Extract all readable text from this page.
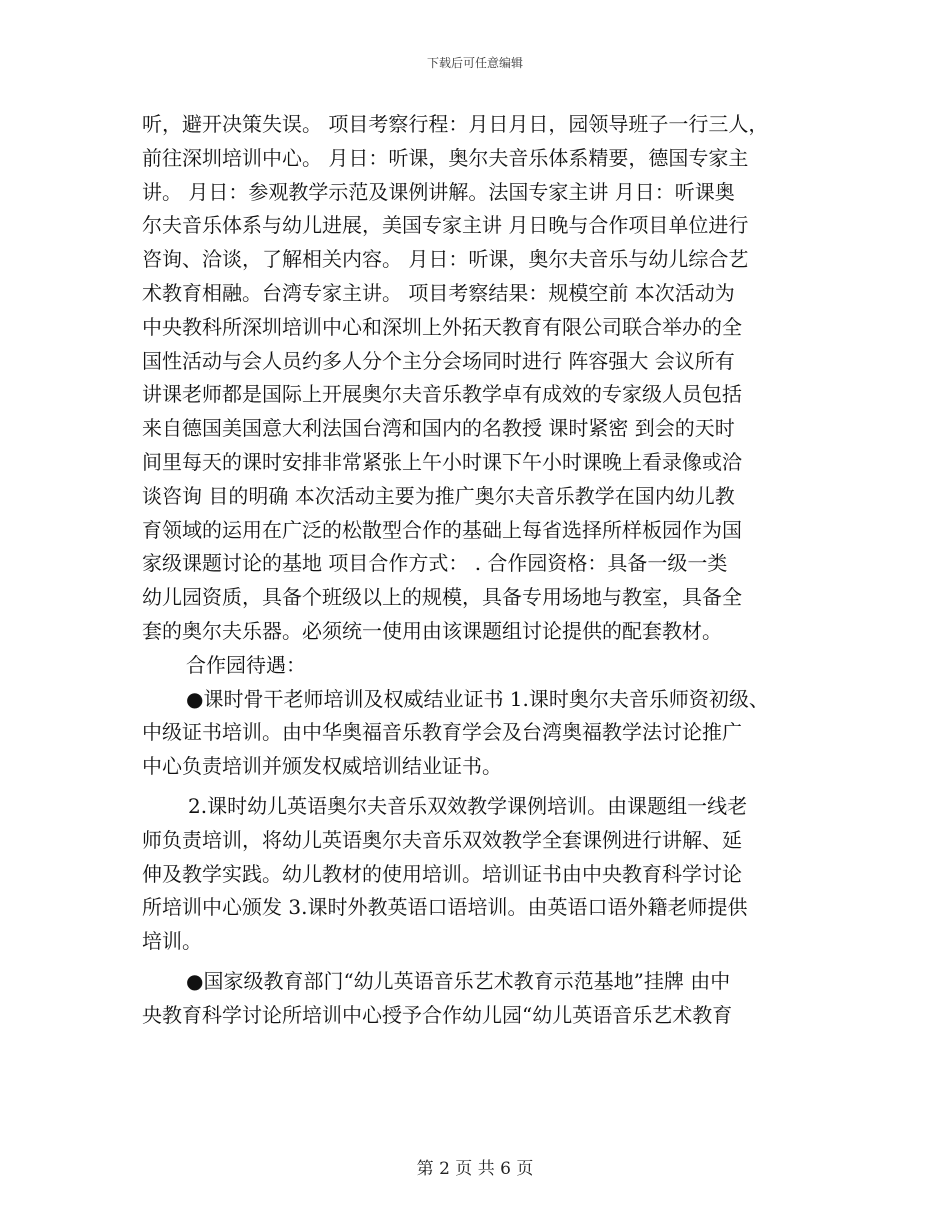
下载后可任意编辑
听，避开决策失误。 项目考察行程：月日月日，园领导班子一行三人，
前往深圳培训中心。 月日：听课，奥尔夫音乐体系精要，德国专家主
讲。 月日：参观教学示范及课例讲解。法国专家主讲 月日：听课奥
尔夫音乐体系与幼儿进展，美国专家主讲 月日晚与合作项目单位进行
咨询、洽谈，了解相关内容。 月日：听课，奥尔夫音乐与幼儿综合艺
术教育相融。台湾专家主讲。 项目考察结果：规模空前 本次活动为
中央教科所深圳培训中心和深圳上外拓天教育有限公司联合举办的全
国性活动与会人员约多人分个主分会场同时进行 阵容强大 会议所有
讲课老师都是国际上开展奥尔夫音乐教学卓有成效的专家级人员包括
来自德国美国意大利法国台湾和国内的名教授 课时紧密 到会的天时
间里每天的课时安排非常紧张上午小时课下午小时课晚上看录像或洽
谈咨询 目的明确 本次活动主要为推广奥尔夫音乐教学在国内幼儿教
育领域的运用在广泛的松散型合作的基础上每省选择所样板园作为国
家级课题讨论的基地 项目合作方式： . 合作园资格：具备一级一类
幼儿园资质，具备个班级以上的规模，具备专用场地与教室，具备全
套的奥尔夫乐器。必须统一使用由该课题组讨论提供的配套教材。
合作园待遇：
●课时骨干老师培训及权威结业证书 1.课时奥尔夫音乐师资初级、
中级证书培训。由中华奥福音乐教育学会及台湾奥福教学法讨论推广
中心负责培训并颁发权威培训结业证书。
2.课时幼儿英语奥尔夫音乐双效教学课例培训。由课题组一线老
师负责培训，将幼儿英语奥尔夫音乐双效教学全套课例进行讲解、延
伸及教学实践。幼儿教材的使用培训。培训证书由中央教育科学讨论
所培训中心颁发 3.课时外教英语口语培训。由英语口语外籍老师提供
培训。
●国家级教育部门“幼儿英语音乐艺术教育示范基地”挂牌 由中
央教育科学讨论所培训中心授予合作幼儿园“幼儿英语音乐艺术教育
第 2 页 共 6 页
